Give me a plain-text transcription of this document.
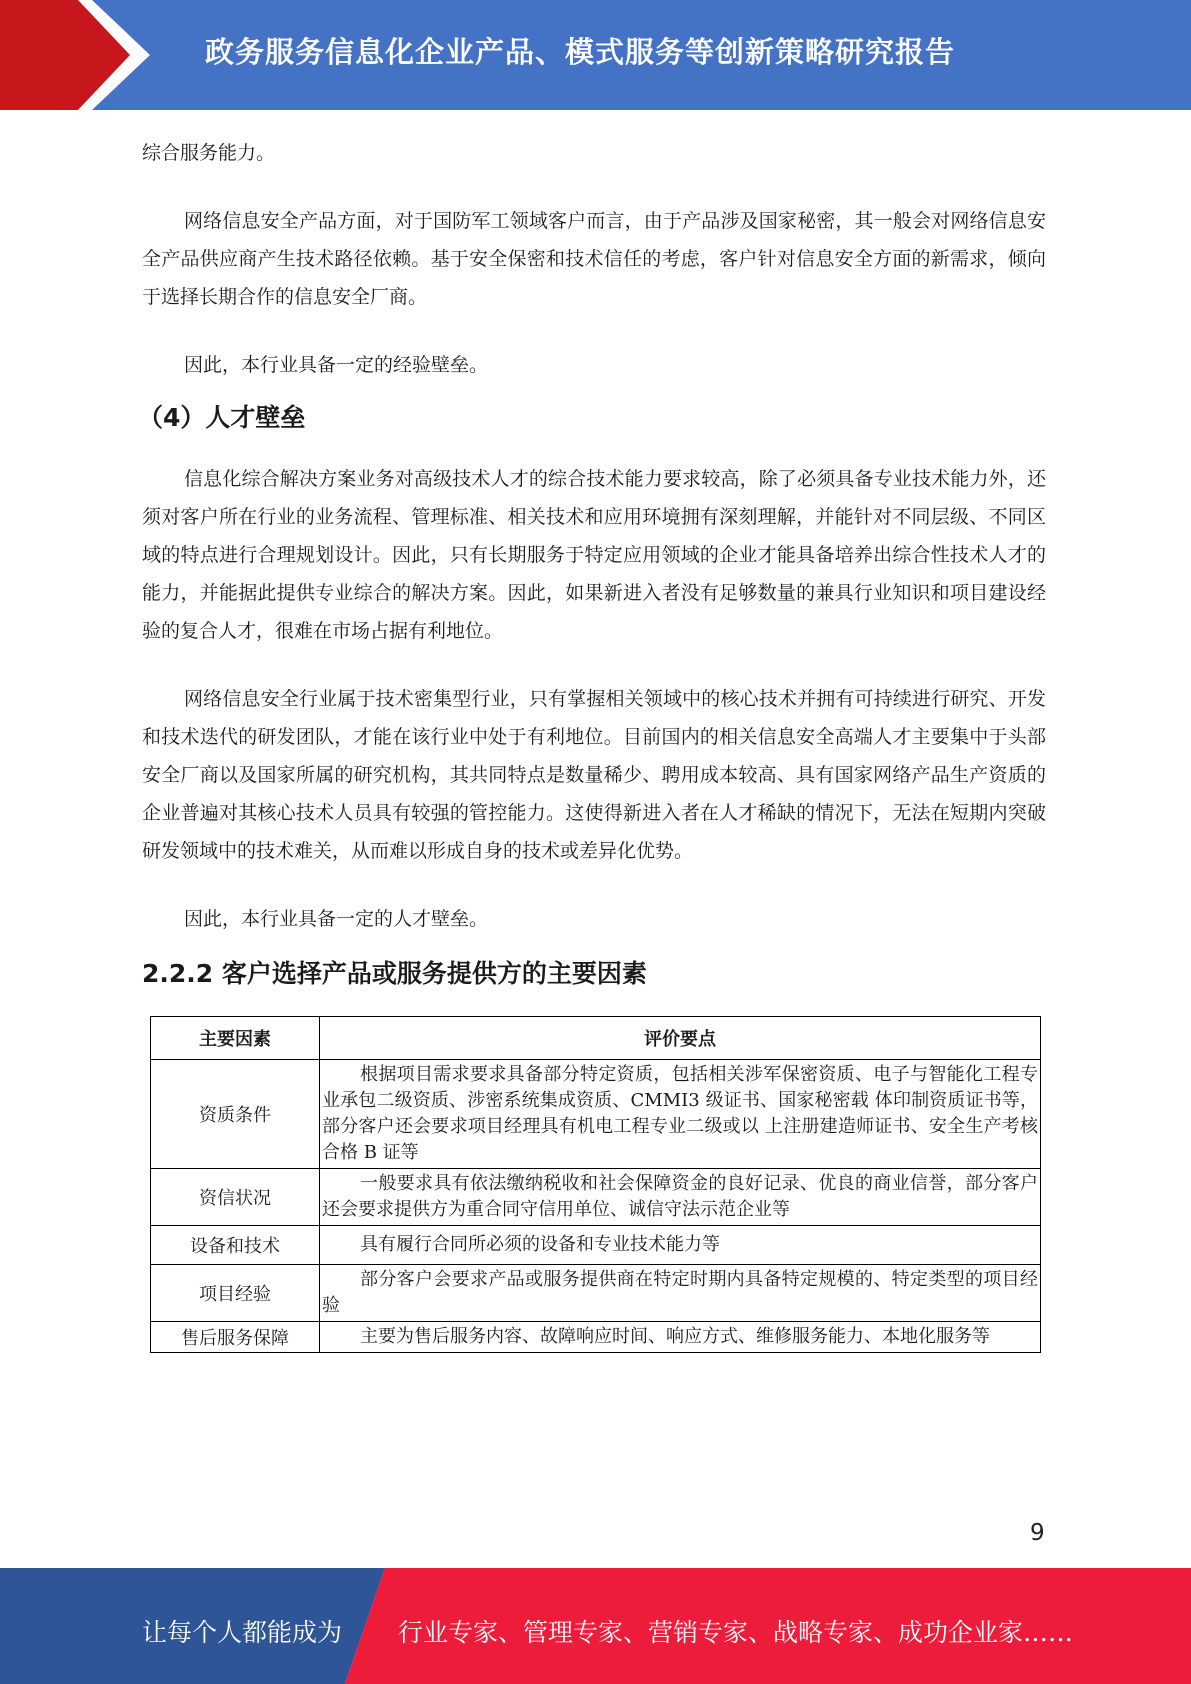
政务服务信息化企业产品、模式服务等创新策略研究报告

综合服务能力。

网络信息安全产品方面，对于国防军工领域客户而言，由于产品涉及国家秘密，其一般会对网络信息安全产品供应商产生技术路径依赖。基于安全保密和技术信任的考虑，客户针对信息安全方面的新需求，倾向于选择长期合作的信息安全厂商。

因此，本行业具备一定的经验壁垒。

（4）人才壁垒

信息化综合解决方案业务对高级技术人才的综合技术能力要求较高，除了必须具备专业技术能力外，还须对客户所在行业的业务流程、管理标准、相关技术和应用环境拥有深刻理解，并能针对不同层级、不同区域的特点进行合理规划设计。因此，只有长期服务于特定应用领域的企业才能具备培养出综合性技术人才的能力，并能据此提供专业综合的解决方案。因此，如果新进入者没有足够数量的兼具行业知识和项目建设经验的复合人才，很难在市场占据有利地位。

网络信息安全行业属于技术密集型行业，只有掌握相关领域中的核心技术并拥有可持续进行研究、开发和技术迭代的研发团队，才能在该行业中处于有利地位。目前国内的相关信息安全高端人才主要集中于头部安全厂商以及国家所属的研究机构，其共同特点是数量稀少、聘用成本较高、具有国家网络产品生产资质的企业普遍对其核心技术人员具有较强的管控能力。这使得新进入者在人才稀缺的情况下，无法在短期内突破研发领域中的技术难关，从而难以形成自身的技术或差异化优势。

因此，本行业具备一定的人才壁垒。

2.2.2 客户选择产品或服务提供方的主要因素
主要因素	评价要点
资质条件	根据项目需求要求具备部分特定资质，包括相关涉军保密资质、电子与智能化工程专业承包二级资质、涉密系统集成资质、CMMI3 级证书、国家秘密载 体印制资质证书等，部分客户还会要求项目经理具有机电工程专业二级或以 上注册建造师证书、安全生产考核合格 B 证等
资信状况	一般要求具有依法缴纳税收和社会保障资金的良好记录、优良的商业信誉，部分客户还会要求提供方为重合同守信用单位、诚信守法示范企业等
设备和技术	具有履行合同所必须的设备和专业技术能力等
项目经验	部分客户会要求产品或服务提供商在特定时期内具备特定规模的、特定类型的项目经验
售后服务保障	主要为售后服务内容、故障响应时间、响应方式、维修服务能力、本地化服务等
9
让每个人都能成为 行业专家、管理专家、营销专家、战略专家、成功企业家……
